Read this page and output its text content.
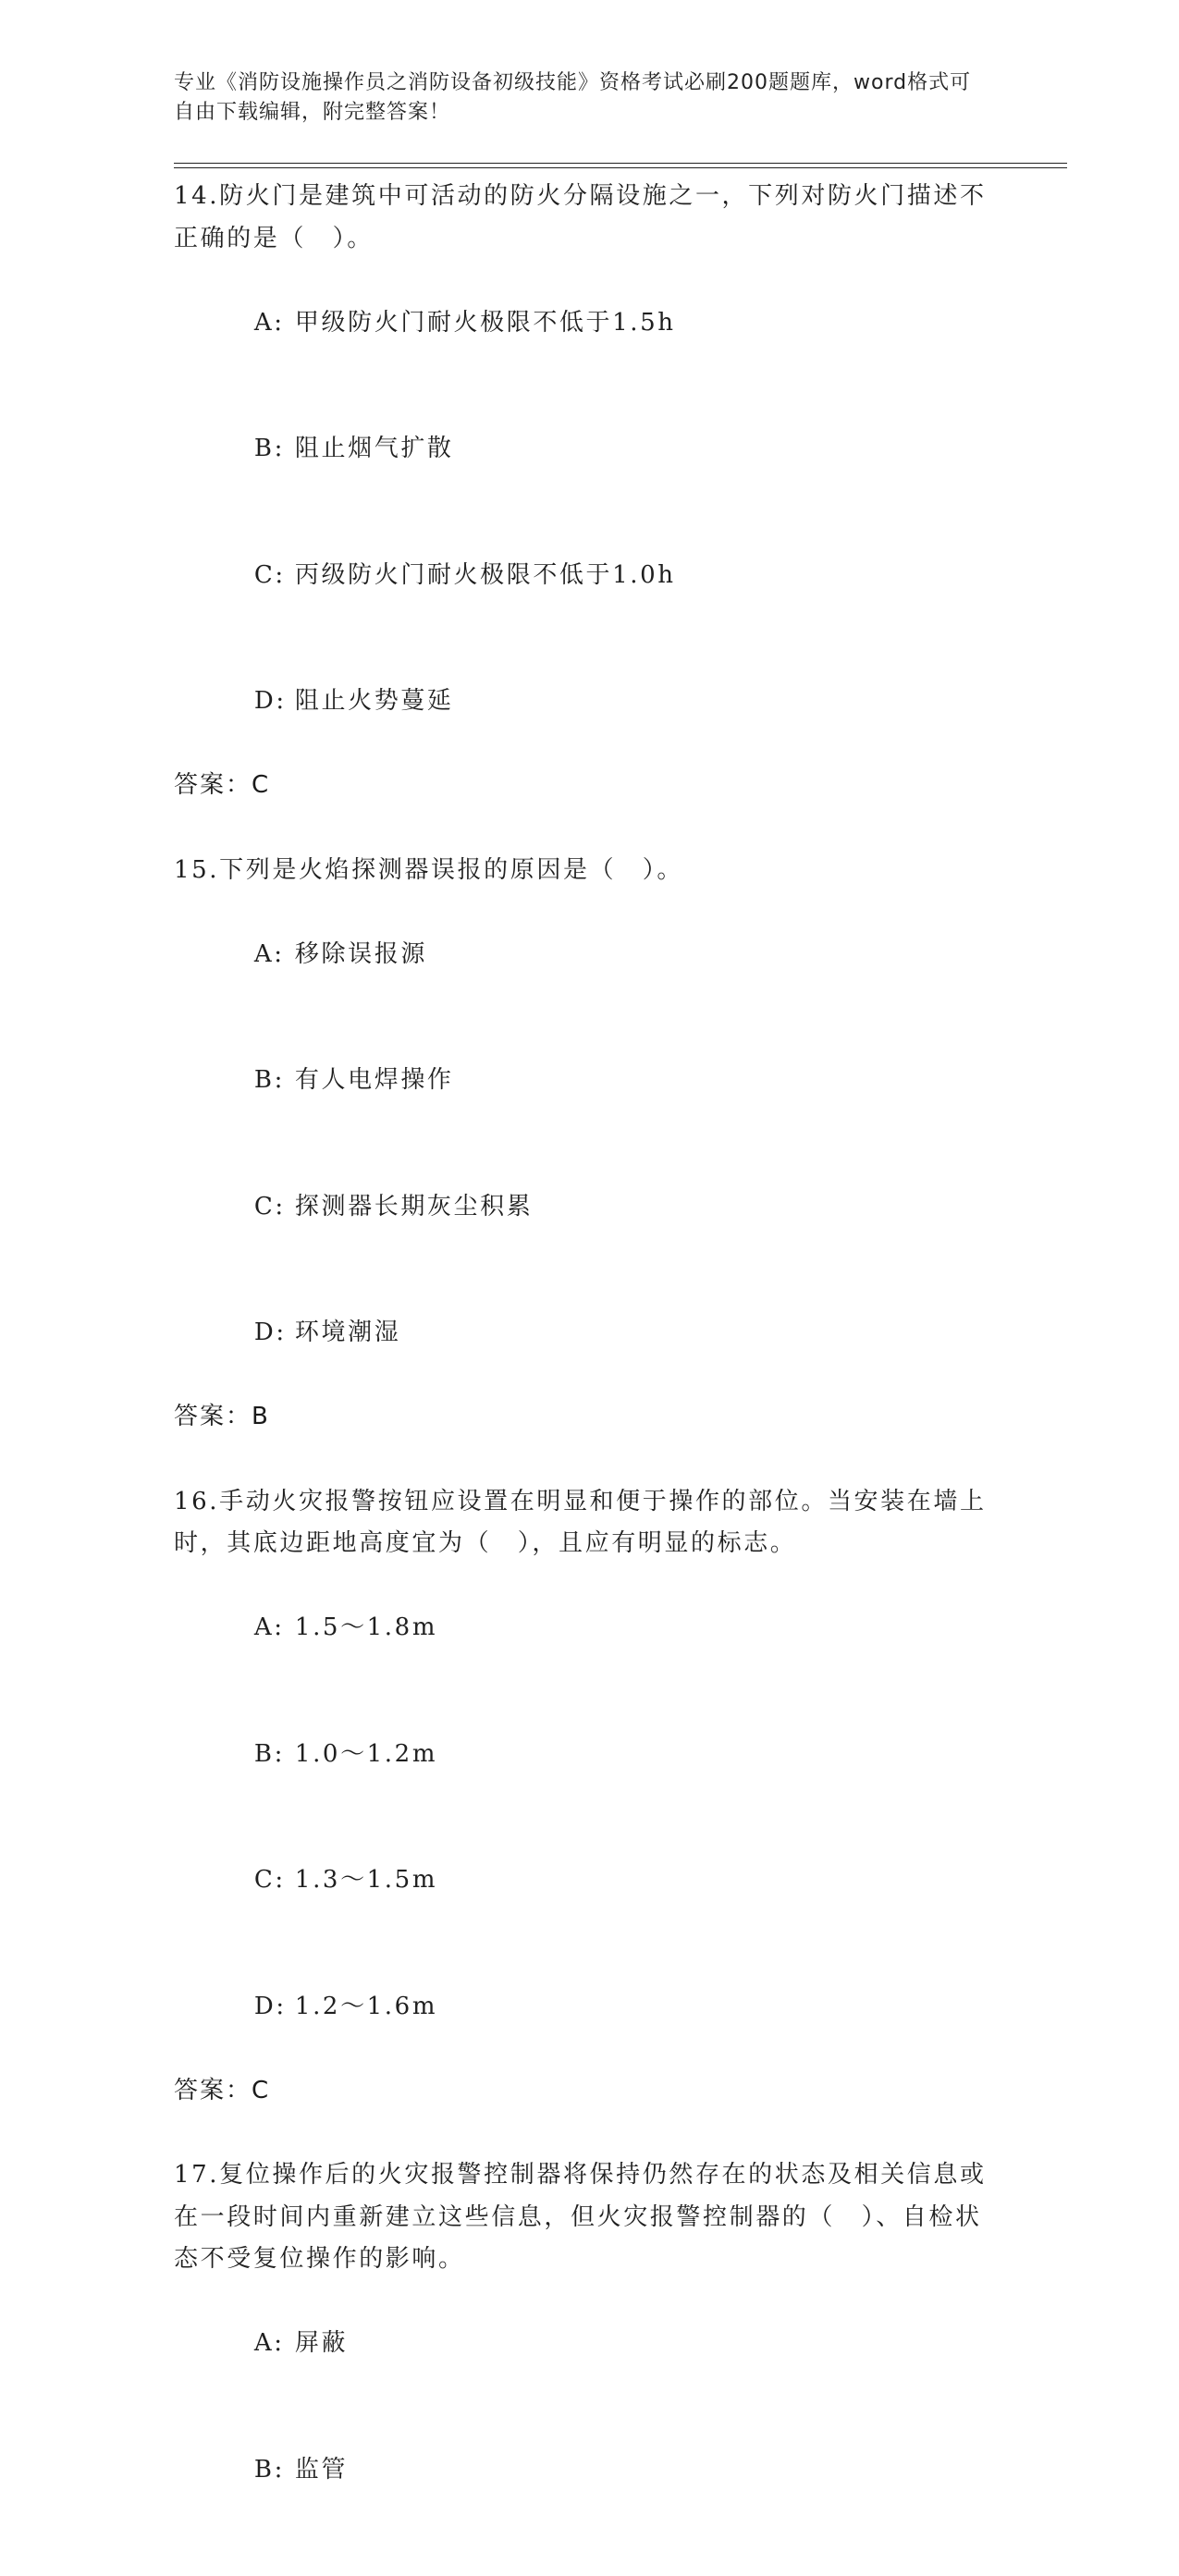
专业《消防设施操作员之消防设备初级技能》资格考试必刷200题题库，word格式可自由下载编辑，附完整答案！
14.防火门是建筑中可活动的防火分隔设施之一，下列对防火门描述不正确的是（　）。

A: 甲级防火门耐火极限不低于1.5h

B: 阻止烟气扩散

C: 丙级防火门耐火极限不低于1.0h

D: 阻止火势蔓延

答案：C
15.下列是火焰探测器误报的原因是（　）。

A: 移除误报源

B: 有人电焊操作

C: 探测器长期灰尘积累

D: 环境潮湿

答案：B
16.手动火灾报警按钮应设置在明显和便于操作的部位。当安装在墙上时，其底边距地高度宜为（　），且应有明显的标志。

A: 1.5～1.8m

B: 1.0～1.2m

C: 1.3～1.5m

D: 1.2～1.6m

答案：C
17.复位操作后的火灾报警控制器将保持仍然存在的状态及相关信息或在一段时间内重新建立这些信息，但火灾报警控制器的（　）、自检状态不受复位操作的影响。

A: 屏蔽

B: 监管
